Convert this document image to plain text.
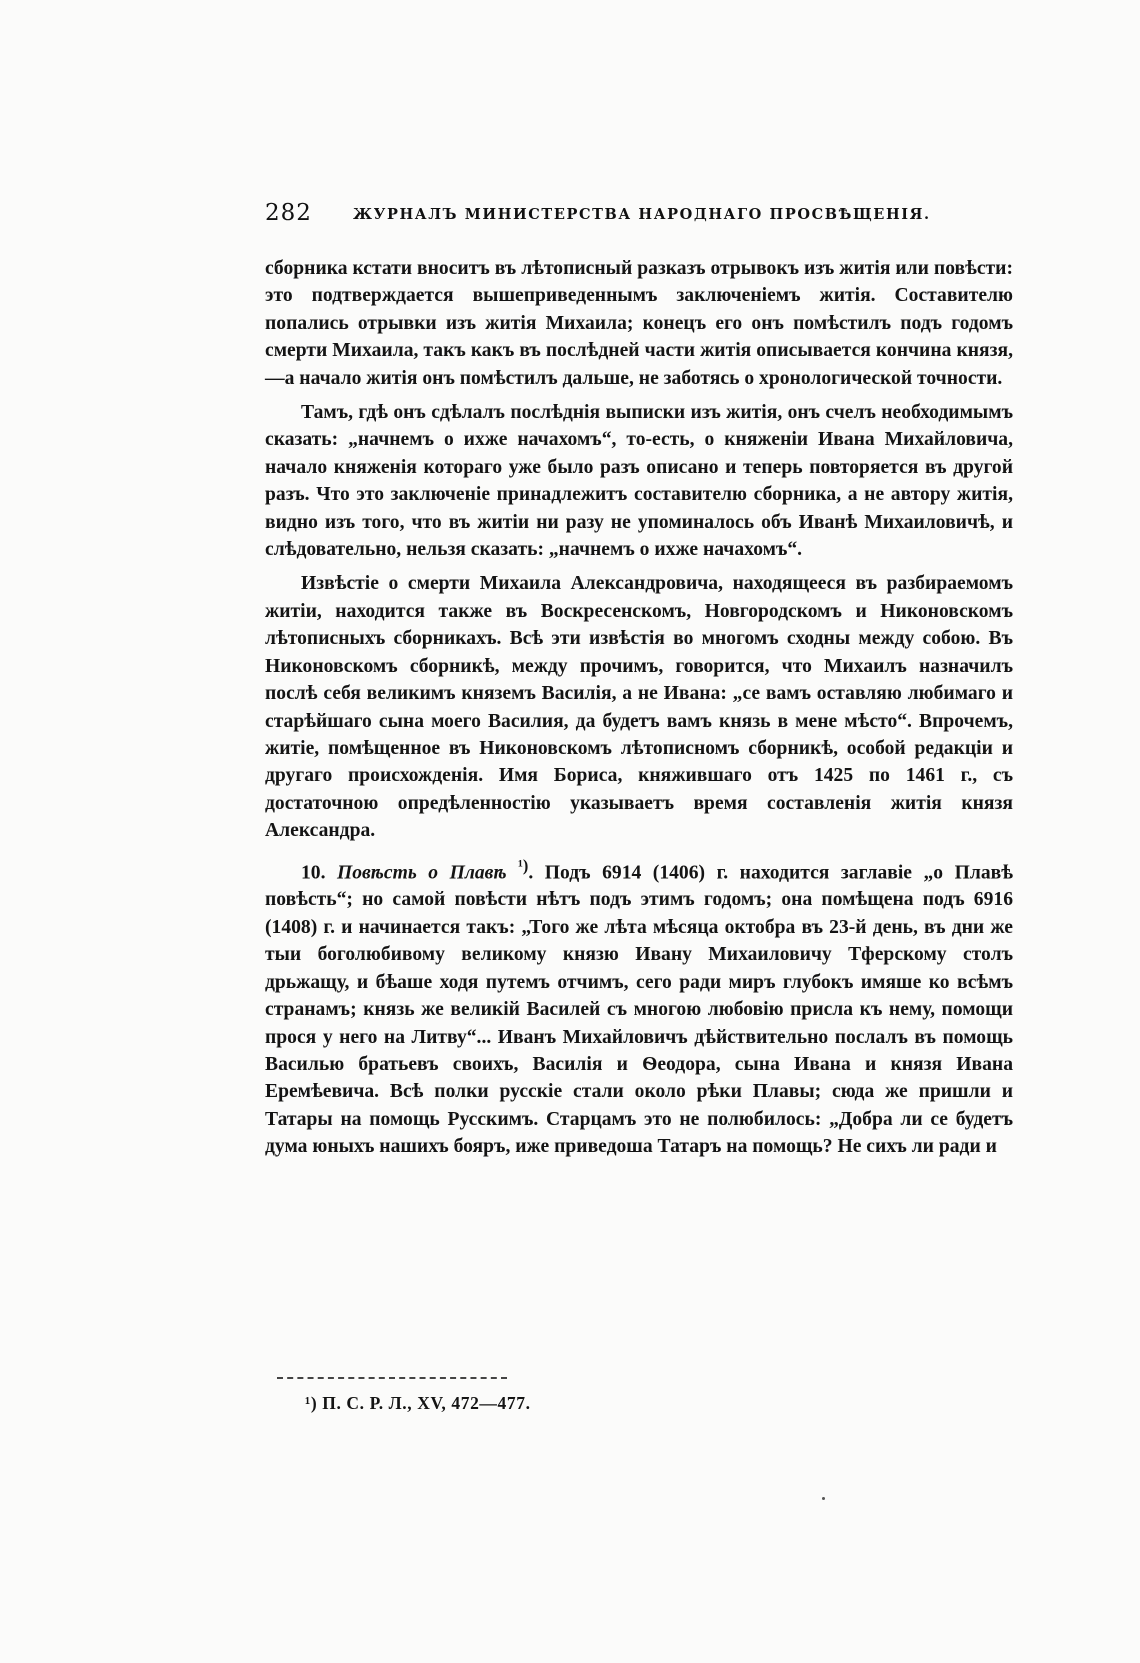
282	ЖУРНАЛЪ МИНИСТЕРСТВА НАРОДНАГО ПРОСВѢЩЕНІЯ.

сборника кстати вноситъ въ лѣтописный разказъ отрывокъ изъ житія или повѣсти: это подтверждается вышеприведеннымъ заключеніемъ житія. Составителю попались отрывки изъ житія Михаила; конецъ его онъ помѣстилъ подъ годомъ смерти Михаила, такъ какъ въ послѣдней части житія описывается кончина князя,—а начало житія онъ помѣстилъ дальше, не заботясь о хронологической точности.

Тамъ, гдѣ онъ сдѣлалъ послѣднія выписки изъ житія, онъ счелъ необходимымъ сказать: „начнемъ о ихже начахомъ“, то-есть, о княженіи Ивана Михайловича, начало княженія котораго уже было разъ описано и теперь повторяется въ другой разъ. Что это заключеніе принадлежитъ составителю сборника, а не автору житія, видно изъ того, что въ житіи ни разу не упоминалось объ Иванѣ Михаиловичѣ, и слѣдовательно, нельзя сказать: „начнемъ о ихже начахомъ“.

Извѣстіе о смерти Михаила Александровича, находящееся въ разбираемомъ житіи, находится также въ Воскресенскомъ, Новгородскомъ и Никоновскомъ лѣтописныхъ сборникахъ. Всѣ эти извѣстія во многомъ сходны между собою. Въ Никоновскомъ сборникѣ, между прочимъ, говорится, что Михаилъ назначилъ послѣ себя великимъ княземъ Василія, а не Ивана: „се вамъ оставляю любимаго и старѣйшаго сына моего Василия, да будетъ вамъ князь в мене мѣсто“. Впрочемъ, житіе, помѣщенное въ Никоновскомъ лѣтописномъ сборникѣ, особой редакціи и другаго происхожденія. Имя Бориса, княжившаго отъ 1425 по 1461 г., съ достаточною опредѣленностію указываетъ время составленія житія князя Александра.

10. Повѣсть о Плавѣ $^{^1)}$. Подъ 6914 (1406) г. находится заглавіе „о Плавѣ повѣсть“; но самой повѣсти нѣтъ подъ этимъ годомъ; она помѣщена подъ 6916 (1408) г. и начинается такъ: „Того же лѣта мѣсяца октобра въ 23-й день, въ дни же тыи боголюбивому великому князю Ивану Михаиловичу Тферскому столъ дрьжащу, и бѣаше ходя путемъ отчимъ, сего ради миръ глубокъ имяше ко всѣмъ странамъ; князь же великій Василей съ многою любовію присла къ нему, помощи прося у него на Литву“... Иванъ Михайловичъ дѣйствительно послалъ въ помощь Василью братьевъ своихъ, Василія и Ѳеодора, сына Ивана и князя Ивана Еремѣевича. Всѣ полки русскіе стали около рѣки Плавы; сюда же пришли и Татары на помощь Русскимъ. Старцамъ это не полюбилось: „Добра ли се будетъ дума юныхъ нашихъ бояръ, иже приведоша Татаръ на помощь? Не сихъ ли ради и

¹) П. С. Р. Л., XV, 472—477.
